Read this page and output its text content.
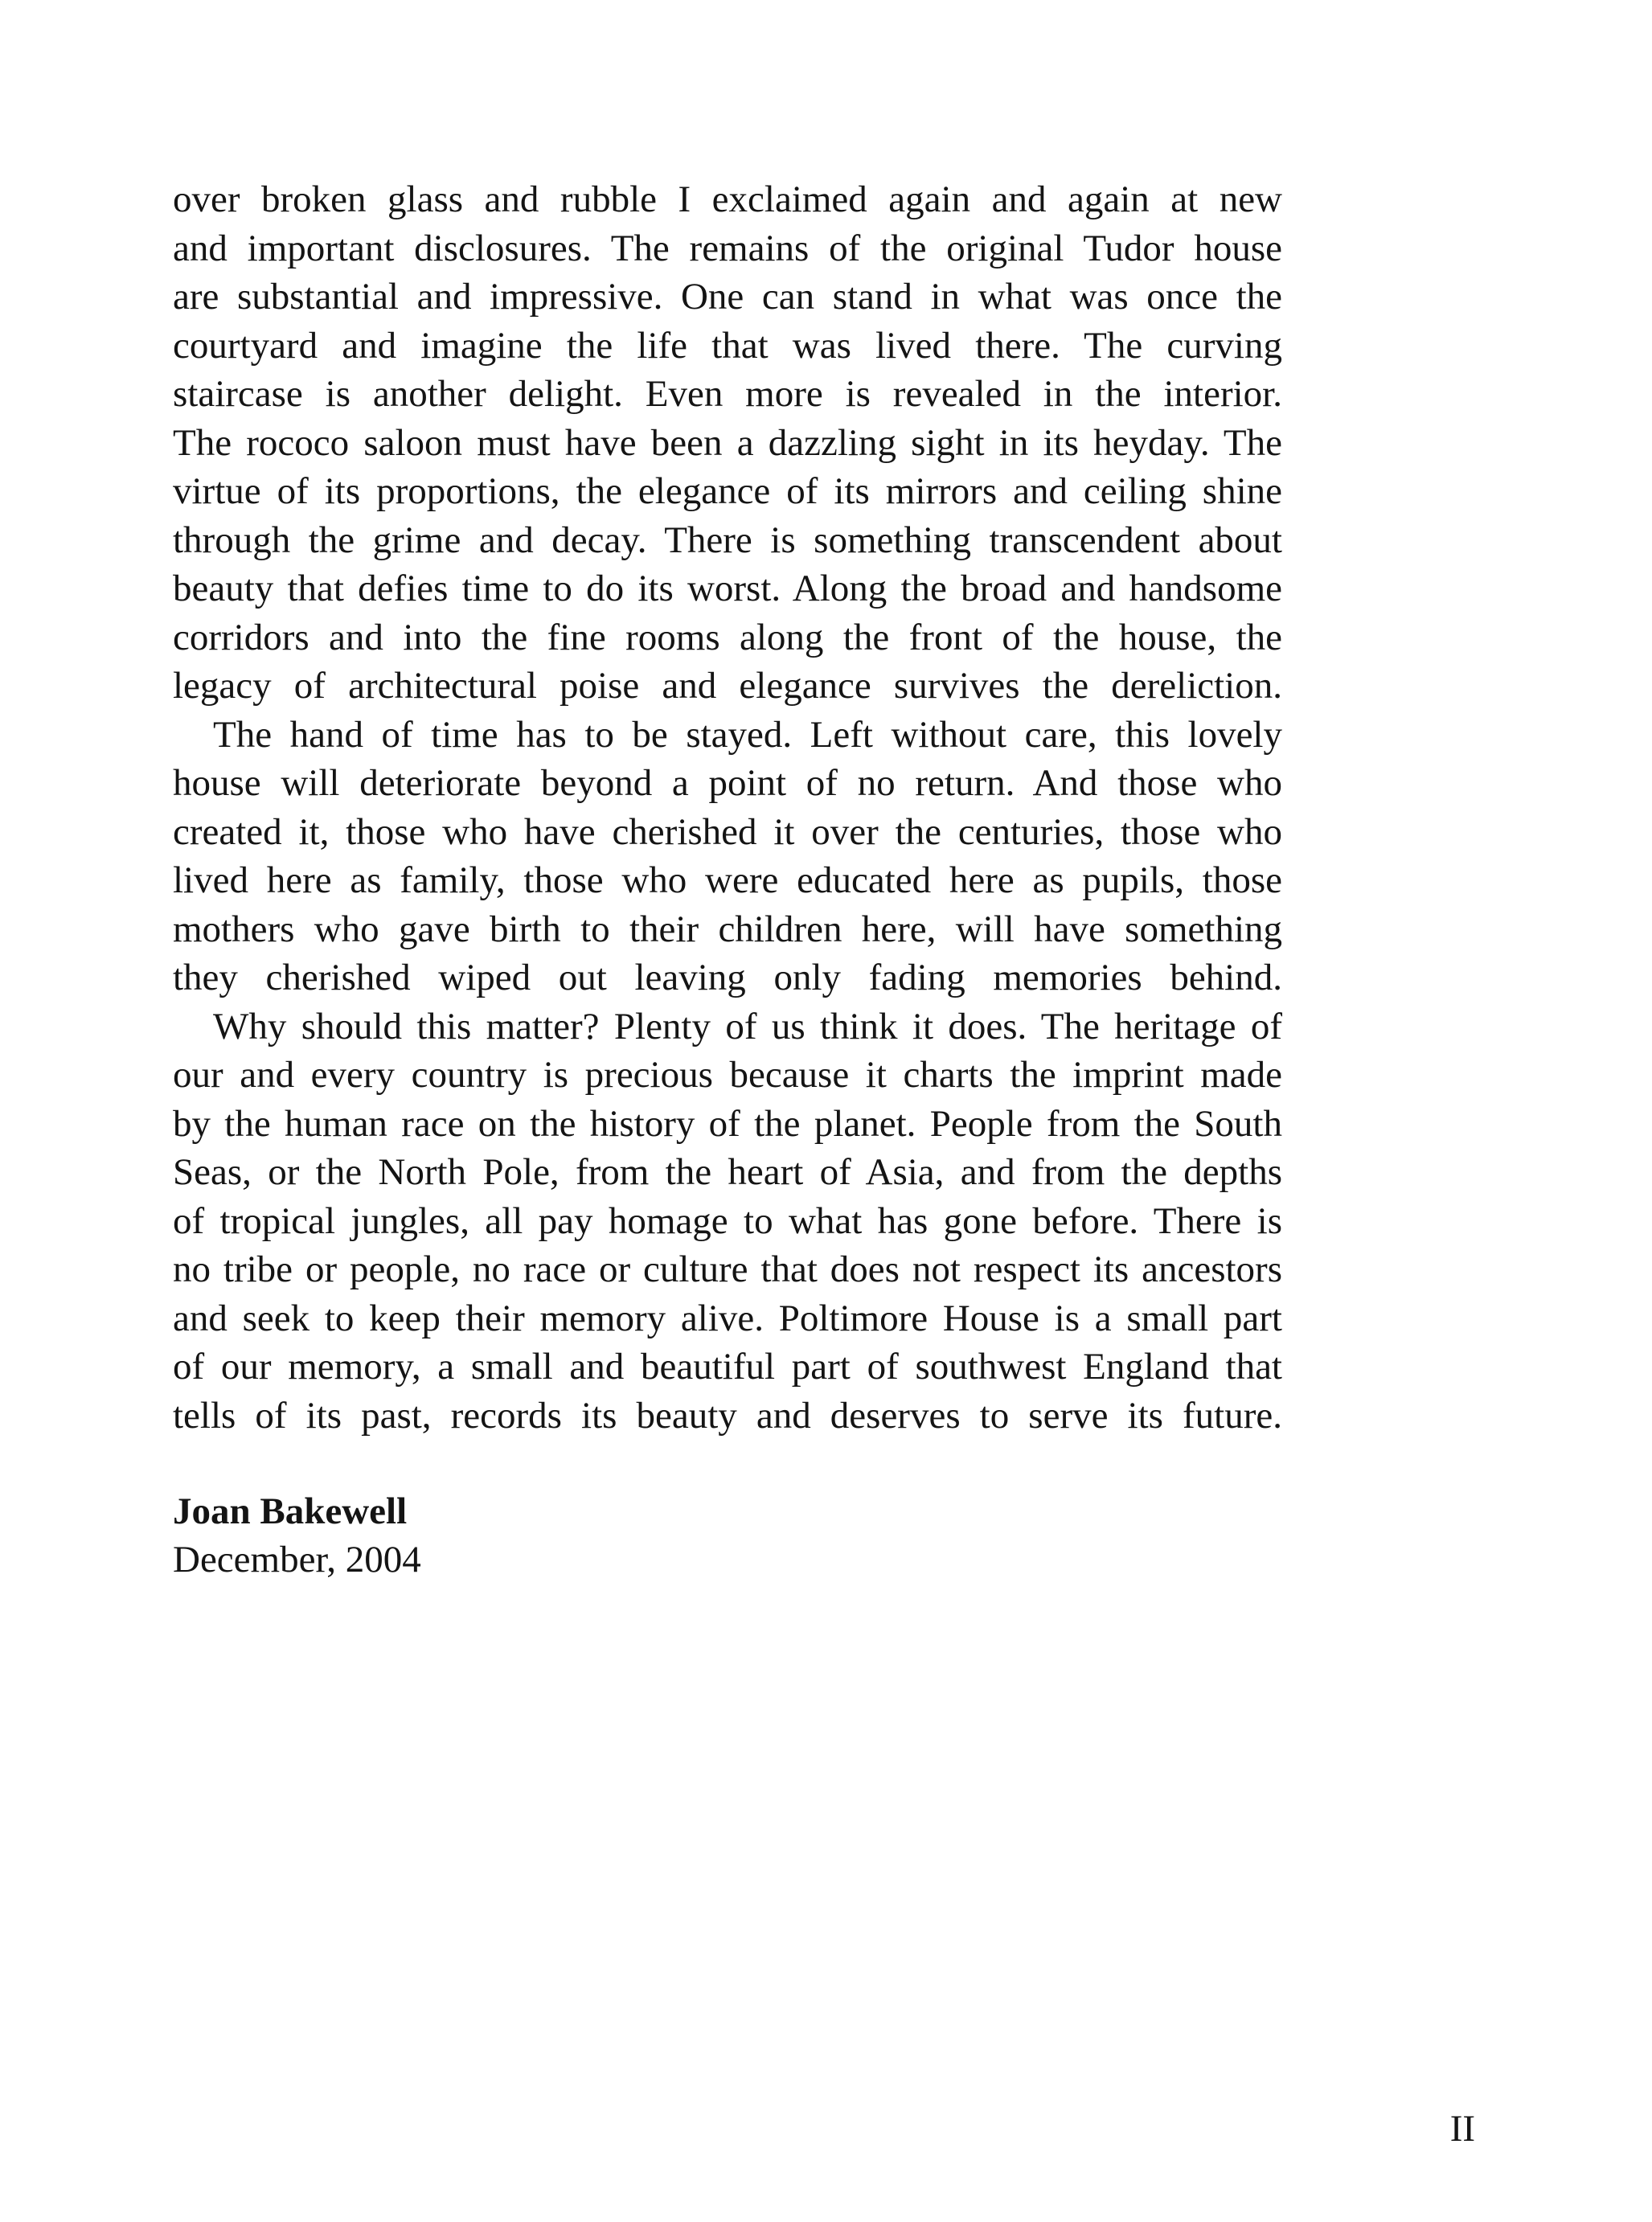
over broken glass and rubble I exclaimed again and again at new
and important disclosures. The remains of the original Tudor house
are substantial and impressive. One can stand in what was once the
courtyard and imagine the life that was lived there. The curving
staircase is another delight. Even more is revealed in the interior.
The rococo saloon must have been a dazzling sight in its heyday. The
virtue of its proportions, the elegance of its mirrors and ceiling shine
through the grime and decay. There is something transcendent about
beauty that defies time to do its worst. Along the broad and handsome
corridors and into the fine rooms along the front of the house, the
legacy of architectural poise and elegance survives the dereliction.
The hand of time has to be stayed. Left without care, this lovely
house will deteriorate beyond a point of no return. And those who
created it, those who have cherished it over the centuries, those who
lived here as family, those who were educated here as pupils, those
mothers who gave birth to their children here, will have something
they cherished wiped out leaving only fading memories behind.
Why should this matter? Plenty of us think it does. The heritage of
our and every country is precious because it charts the imprint made
by the human race on the history of the planet. People from the South
Seas, or the North Pole, from the heart of Asia, and from the depths
of tropical jungles, all pay homage to what has gone before. There is
no tribe or people, no race or culture that does not respect its ancestors
and seek to keep their memory alive. Poltimore House is a small part
of our memory, a small and beautiful part of southwest England that
tells of its past, records its beauty and deserves to serve its future.
Joan Bakewell
December, 2004
II
